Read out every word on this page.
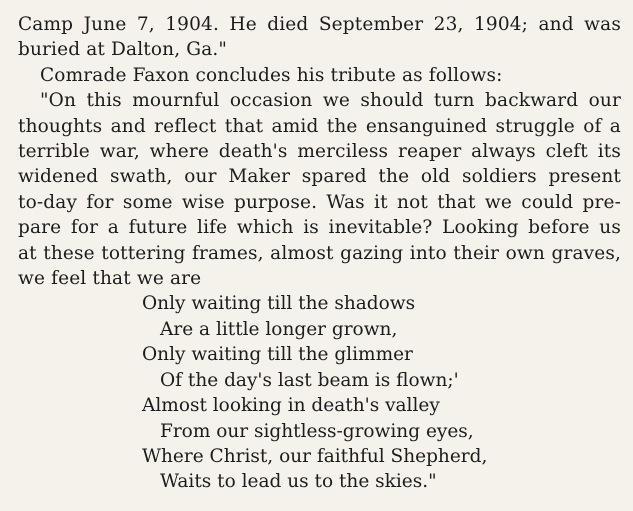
Camp June 7, 1904. He died September 23, 1904; and was
buried at Dalton, Ga."
Comrade Faxon concludes his tribute as follows:
"On this mournful occasion we should turn backward our
thoughts and reflect that amid the ensanguined struggle of a
terrible war, where death's merciless reaper always cleft its
widened swath, our Maker spared the old soldiers present
to-day for some wise purpose. Was it not that we could pre-
pare for a future life which is inevitable? Looking before us
at these tottering frames, almost gazing into their own graves,
we feel that we are
Only waiting till the shadows
Are a little longer grown,
Only waiting till the glimmer
Of the day's last beam is flown;'
Almost looking in death's valley
From our sightless-growing eyes,
Where Christ, our faithful Shepherd,
Waits to lead us to the skies."
